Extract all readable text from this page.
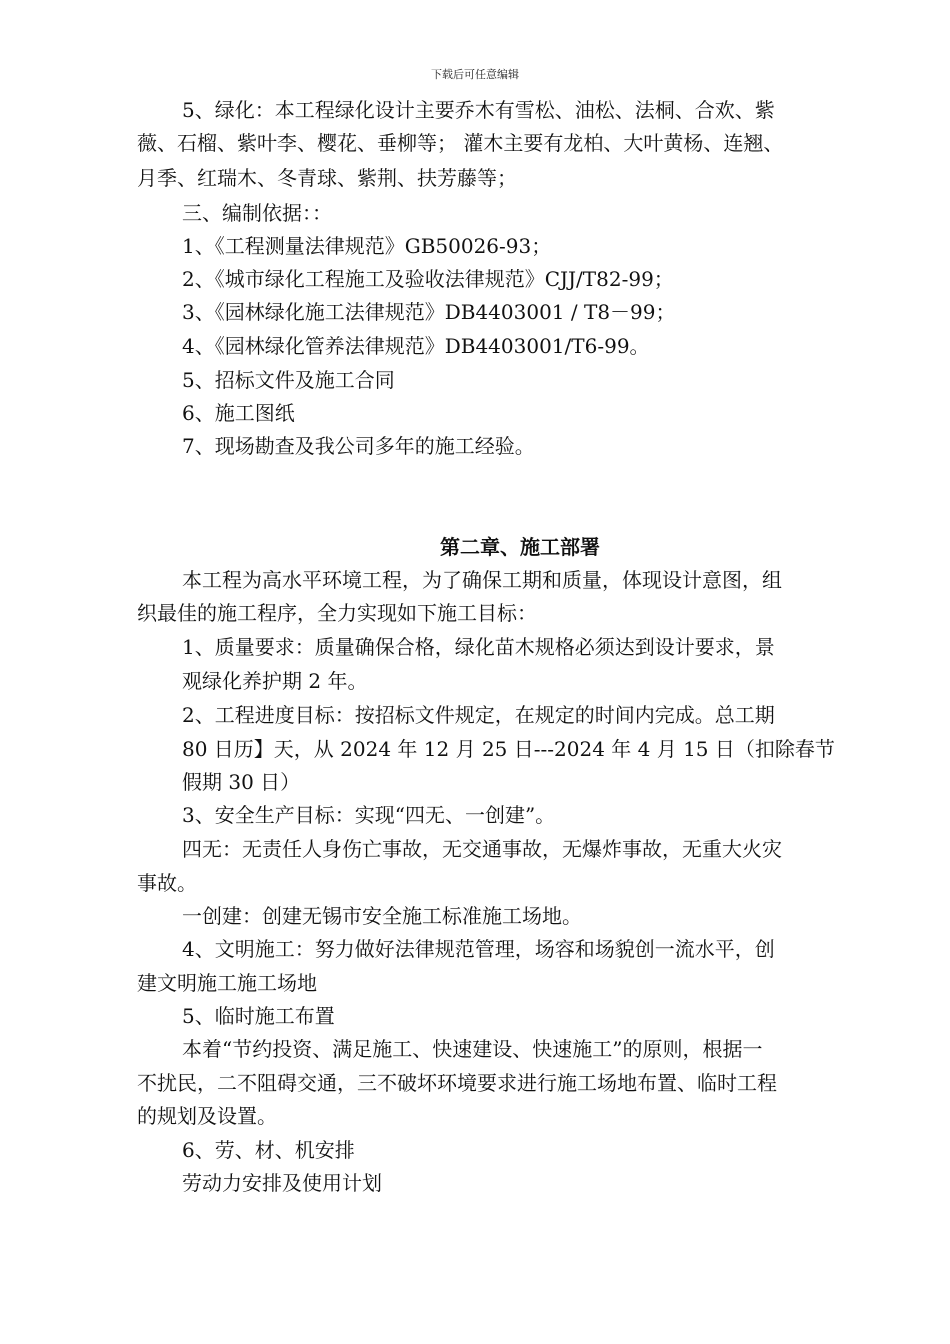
下载后可任意编辑
5、绿化：本工程绿化设计主要乔木有雪松、油松、法桐、合欢、紫
薇、石榴、紫叶李、樱花、垂柳等； 灌木主要有龙柏、大叶黄杨、连翘、
月季、红瑞木、冬青球、紫荆、扶芳藤等；
三、编制依据：：
1、《工程测量法律规范》GB50026-93；
2、《城市绿化工程施工及验收法律规范》CJJ/T82-99；
3、《园林绿化施工法律规范》DB4403001 / T8－99；
4、《园林绿化管养法律规范》DB4403001/T6-99。
5、招标文件及施工合同
6、施工图纸
7、现场勘查及我公司多年的施工经验。
第二章、施工部署
本工程为高水平环境工程，为了确保工期和质量，体现设计意图，组
织最佳的施工程序，全力实现如下施工目标：
1、质量要求：质量确保合格，绿化苗木规格必须达到设计要求，景
观绿化养护期 2 年。
2、工程进度目标：按招标文件规定，在规定的时间内完成。总工期
80 日历】天，从 2024 年 12 月 25 日---2024 年 4 月 15 日（扣除春节
假期 30 日）
3、安全生产目标：实现“四无、一创建”。
四无：无责任人身伤亡事故，无交通事故，无爆炸事故，无重大火灾
事故。
一创建：创建无锡市安全施工标准施工场地。
4、文明施工：努力做好法律规范管理，场容和场貌创一流水平，创
建文明施工施工场地
5、临时施工布置
本着“节约投资、满足施工、快速建设、快速施工”的原则，根据一
不扰民，二不阻碍交通，三不破坏环境要求进行施工场地布置、临时工程
的规划及设置。
6、劳、材、机安排
劳动力安排及使用计划
